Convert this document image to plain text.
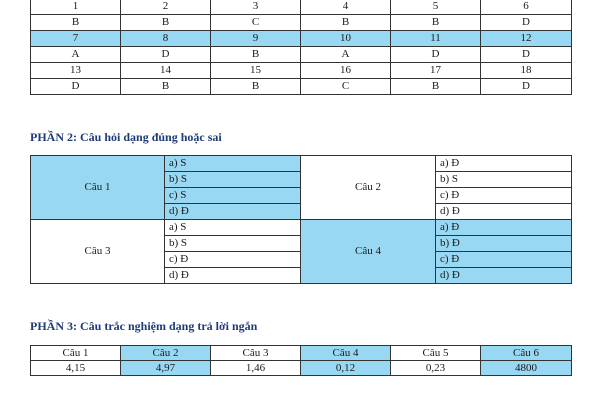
1	2	3	4	5	6
B	B	C	B	B	D
7	8	9	10	11	12
A	D	B	A	D	D
13	14	15	16	17	18
D	B	B	C	B	D
PHẦN 2: Câu hỏi dạng đúng hoặc sai
Câu 1	a) S	Câu 2	a) Đ
	b) S		b) S
	c) S		c) Đ
	d) Đ		d) Đ
Câu 3	a) S	Câu 4	a) Đ
	b) S		b) Đ
	c) Đ		c) Đ
	d) Đ		d) Đ
PHẦN 3: Câu trắc nghiệm dạng trả lời ngắn
Câu 1	Câu 2	Câu 3	Câu 4	Câu 5	Câu 6
4,15	4,97	1,46	0,12	0,23	4800
